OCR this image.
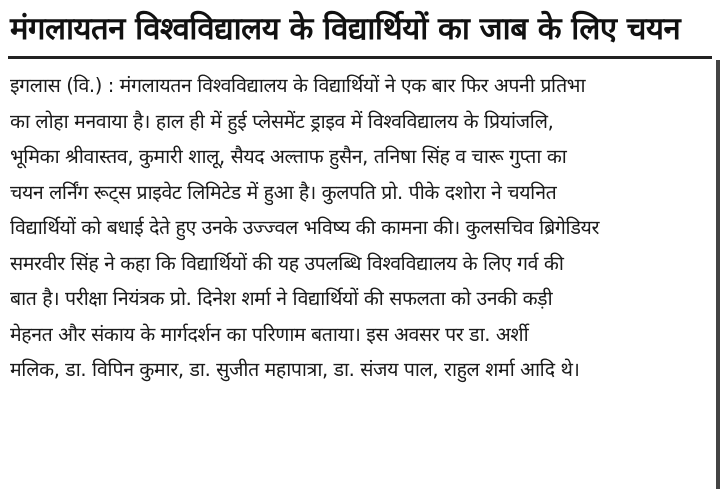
मंगलायतन विश्वविद्यालय के विद्यार्थियों का जाब के लिए चयन

इगलास (वि.) : मंगलायतन विश्वविद्यालय के विद्यार्थियों ने एक बार फिर अपनी प्रतिभा
का लोहा मनवाया है। हाल ही में हुई प्लेसमेंट ड्राइव में विश्वविद्यालय के प्रियांजलि,
भूमिका श्रीवास्तव, कुमारी शालू, सैयद अल्ताफ हुसैन, तनिषा सिंह व चारू गुप्ता का
चयन लर्निंग रूट्स प्राइवेट लिमिटेड में हुआ है। कुलपति प्रो. पीके दशोरा ने चयनित
विद्यार्थियों को बधाई देते हुए उनके उज्ज्वल भविष्य की कामना की। कुलसचिव ब्रिगेडियर
समरवीर सिंह ने कहा कि विद्यार्थियों की यह उपलब्धि विश्वविद्यालय के लिए गर्व की
बात है। परीक्षा नियंत्रक प्रो. दिनेश शर्मा ने विद्यार्थियों की सफलता को उनकी कड़ी
मेहनत और संकाय के मार्गदर्शन का परिणाम बताया। इस अवसर पर डा. अर्शी
मलिक, डा. विपिन कुमार, डा. सुजीत महापात्रा, डा. संजय पाल, राहुल शर्मा आदि थे।
